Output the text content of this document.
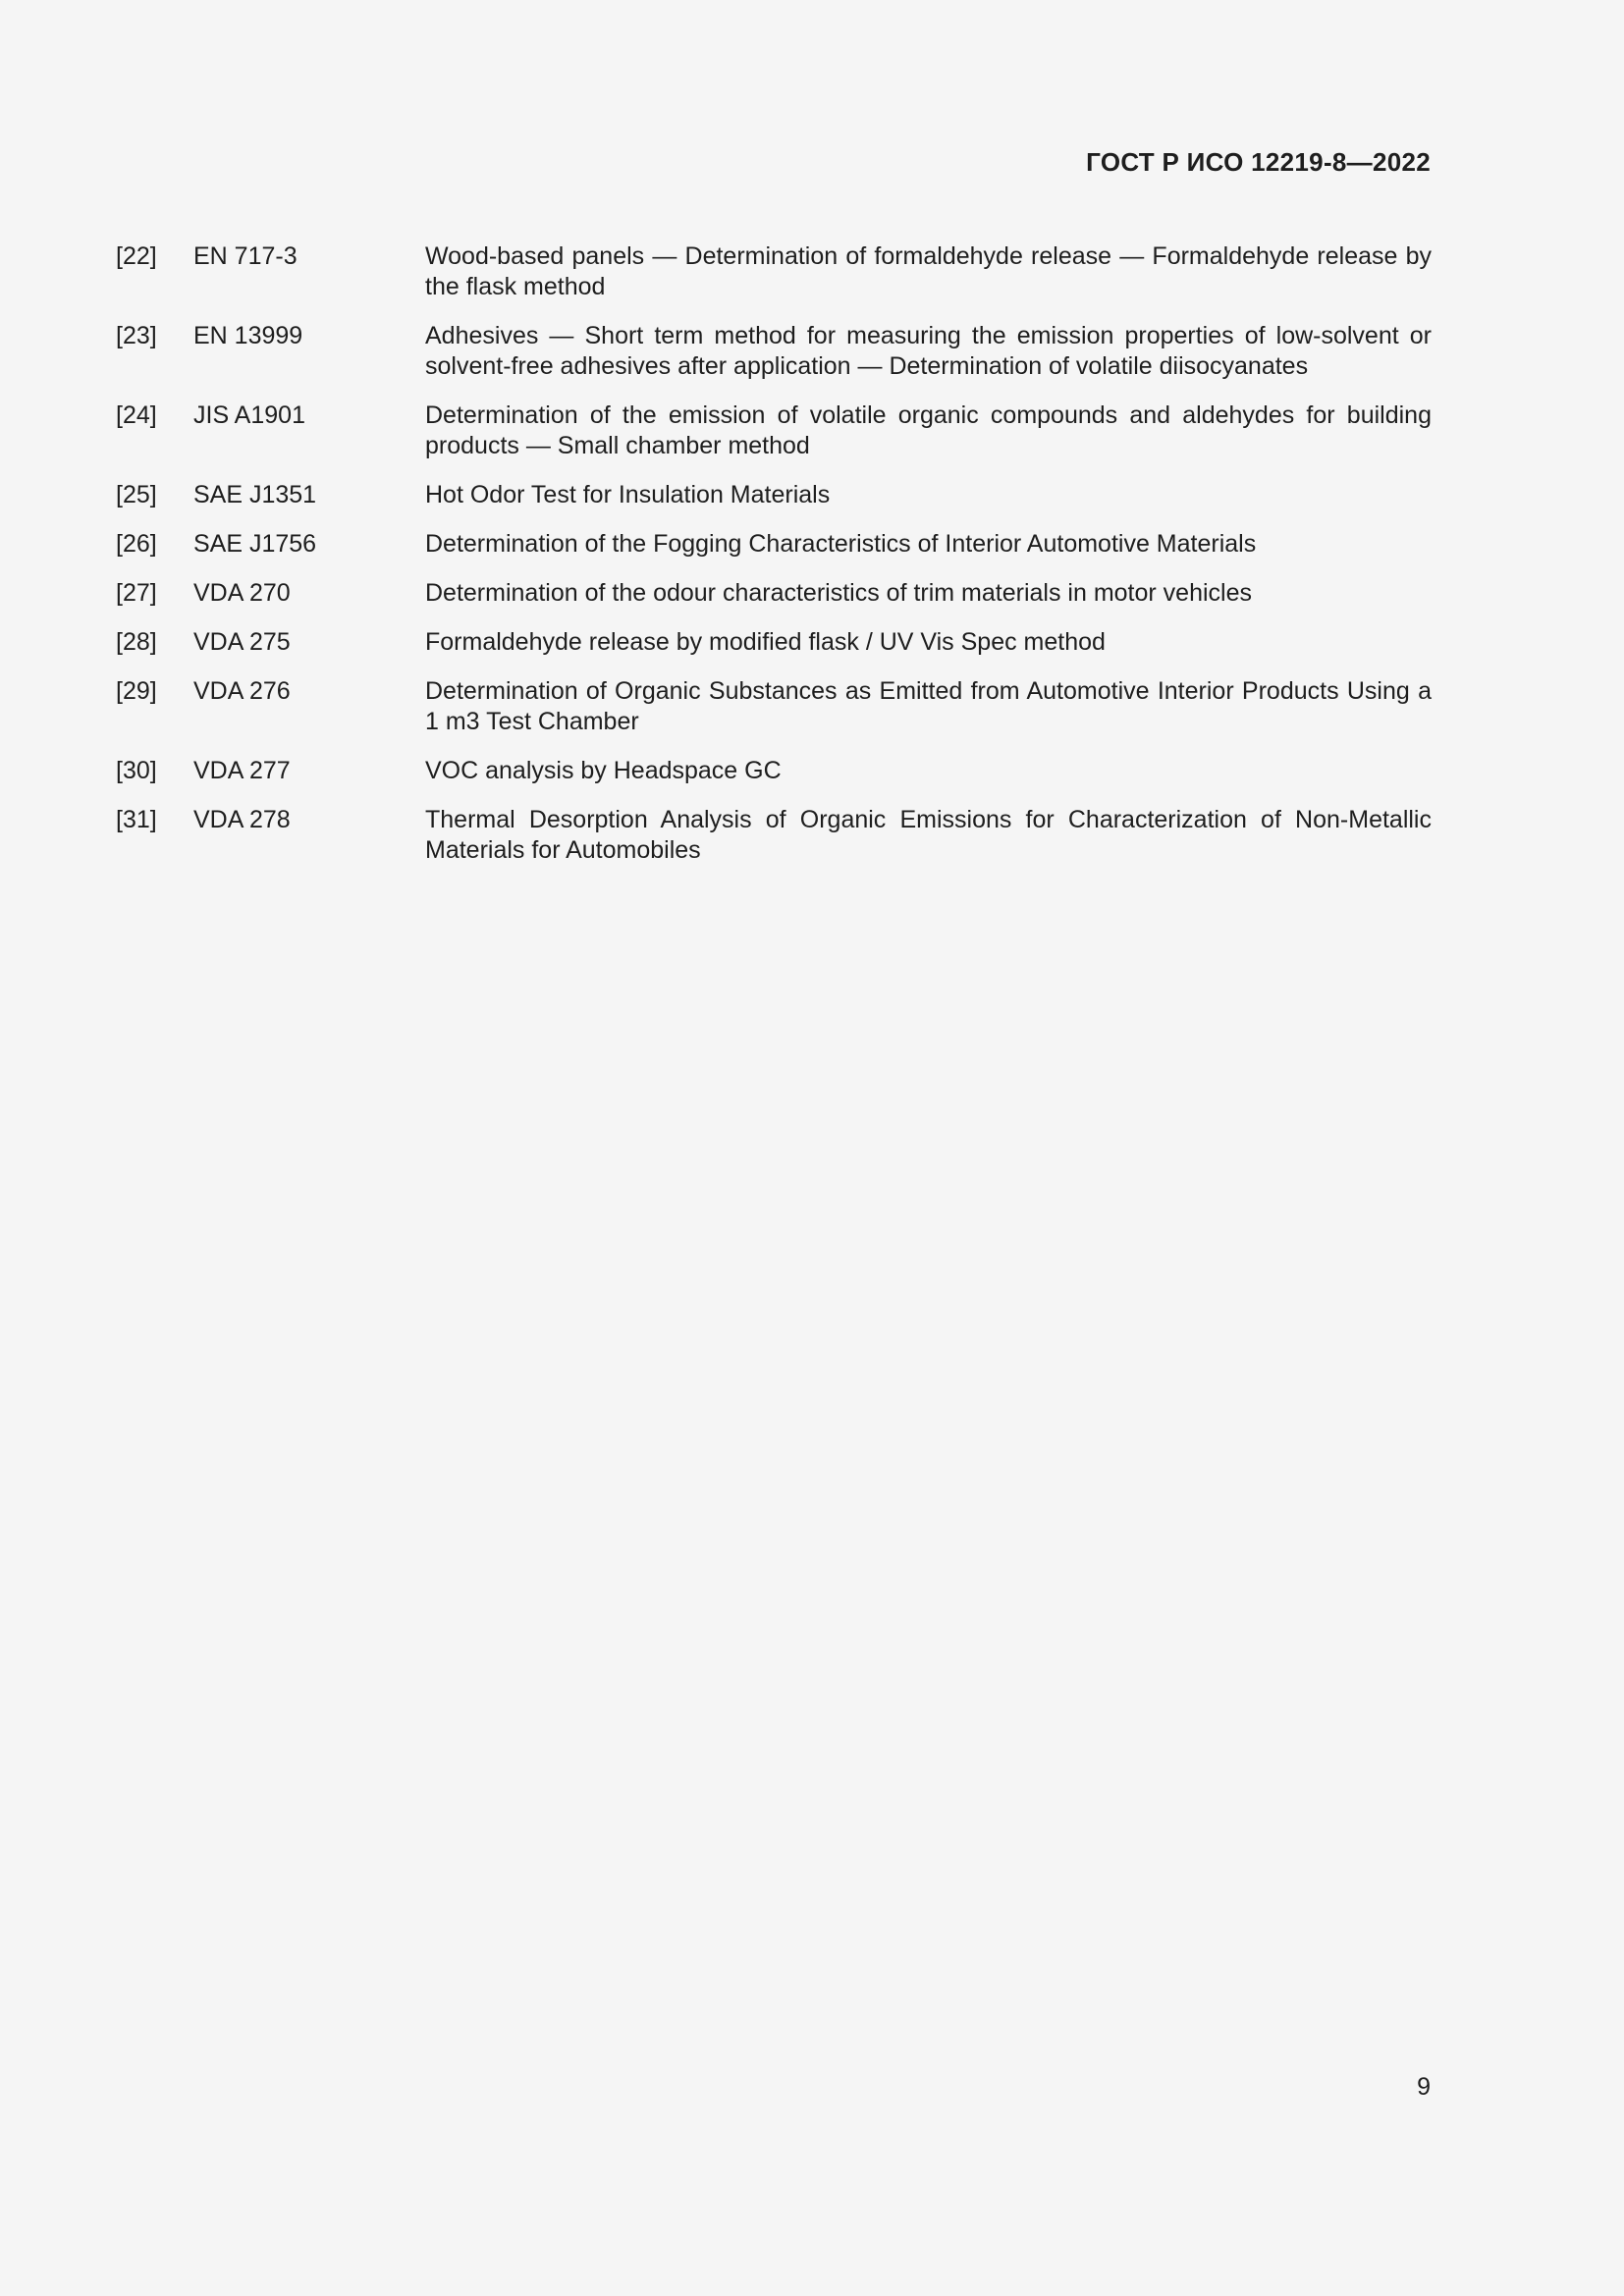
ГОСТ Р ИСО 12219-8—2022
[22]	EN 717-3	Wood-based panels — Determination of formaldehyde release — Formaldehyde release by the flask method
[23]	EN 13999	Adhesives — Short term method for measuring the emission properties of low-solvent or solvent-free adhesives after application — Determination of volatile diisocyanates
[24]	JIS A1901	Determination of the emission of volatile organic compounds and aldehydes for building products — Small chamber method
[25]	SAE J1351	Hot Odor Test for Insulation Materials
[26]	SAE J1756	Determination of the Fogging Characteristics of Interior Automotive Materials
[27]	VDA 270	Determination of the odour characteristics of trim materials in motor vehicles
[28]	VDA 275	Formaldehyde release by modified flask / UV Vis Spec method
[29]	VDA 276	Determination of Organic Substances as Emitted from Automotive Interior Products Using a 1 m3 Test Chamber
[30]	VDA 277	VOC analysis by Headspace GC
[31]	VDA 278	Thermal Desorption Analysis of Organic Emissions for Characterization of Non-Metallic Materials for Automobiles
9
